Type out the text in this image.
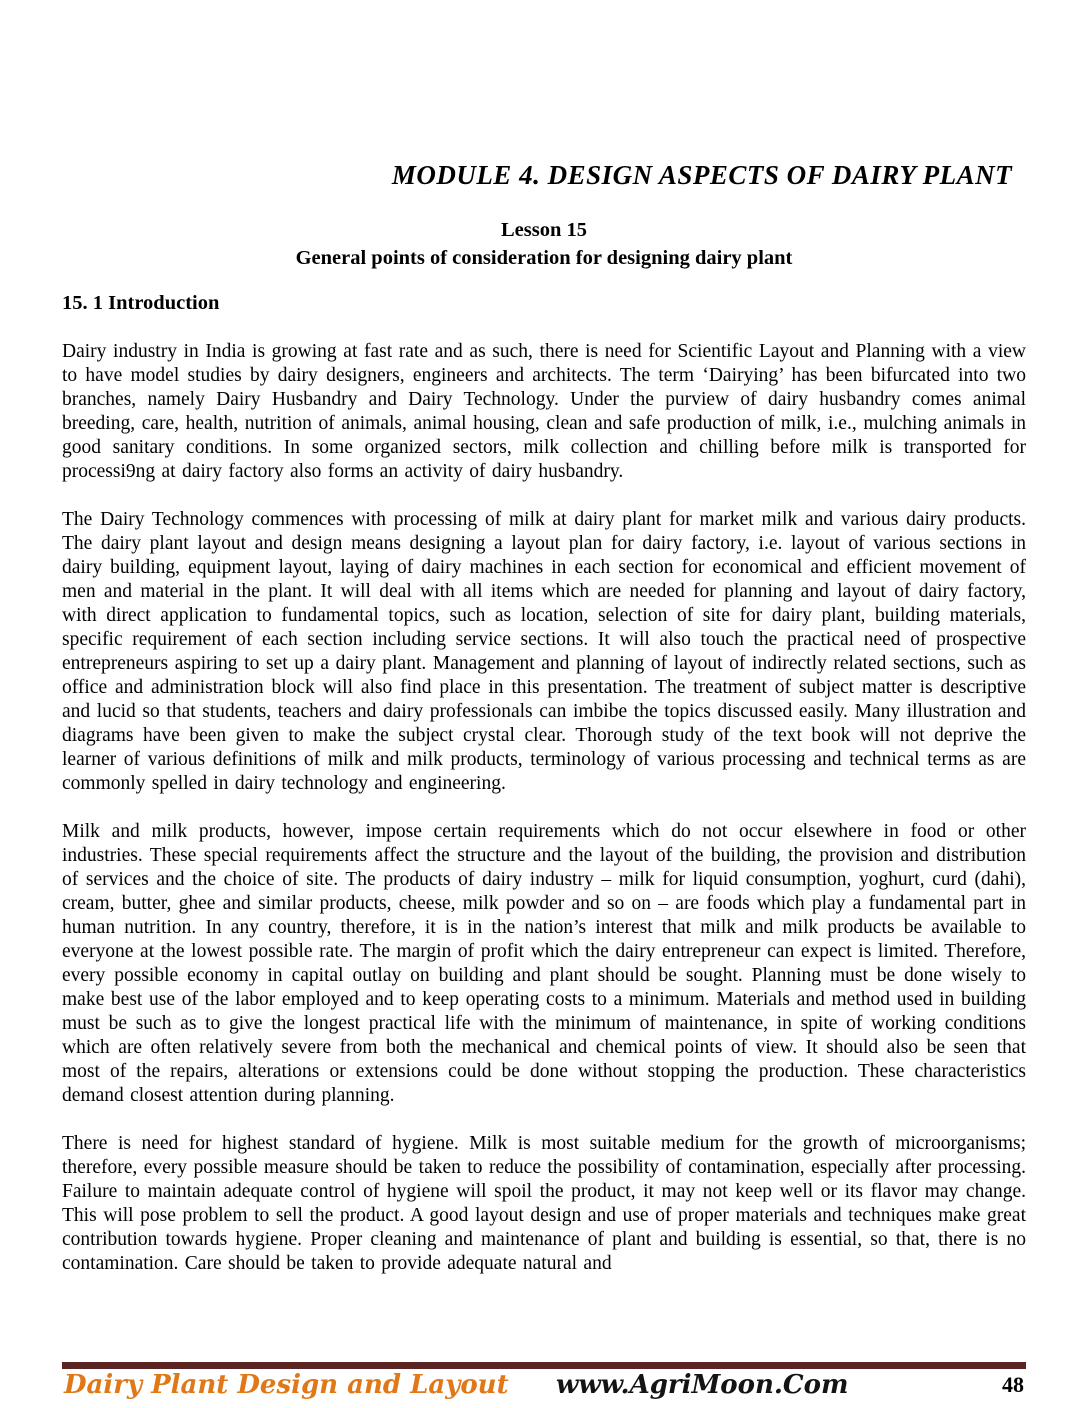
MODULE 4. DESIGN ASPECTS OF DAIRY PLANT
Lesson 15
General points of consideration for designing dairy plant
15. 1 Introduction

Dairy industry in India is growing at fast rate and as such, there is need for Scientific Layout and Planning with a view to have model studies by dairy designers, engineers and architects. The term ‘Dairying’ has been bifurcated into two branches, namely Dairy Husbandry and Dairy Technology. Under the purview of dairy husbandry comes animal breeding, care, health, nutrition of animals, animal housing, clean and safe production of milk, i.e., mulching animals in good sanitary conditions. In some organized sectors, milk collection and chilling before milk is transported for processi9ng at dairy factory also forms an activity of dairy husbandry.

The Dairy Technology commences with processing of milk at dairy plant for market milk and various dairy products. The dairy plant layout and design means designing a layout plan for dairy factory, i.e. layout of various sections in dairy building, equipment layout, laying of dairy machines in each section for economical and efficient movement of men and material in the plant. It will deal with all items which are needed for planning and layout of dairy factory, with direct application to fundamental topics, such as location, selection of site for dairy plant, building materials, specific requirement of each section including service sections. It will also touch the practical need of prospective entrepreneurs aspiring to set up a dairy plant. Management and planning of layout of indirectly related sections, such as office and administration block will also find place in this presentation. The treatment of subject matter is descriptive and lucid so that students, teachers and dairy professionals can imbibe the topics discussed easily. Many illustration and diagrams have been given to make the subject crystal clear. Thorough study of the text book will not deprive the learner of various definitions of milk and milk products, terminology of various processing and technical terms as are commonly spelled in dairy technology and engineering.

Milk and milk products, however, impose certain requirements which do not occur elsewhere in food or other industries. These special requirements affect the structure and the layout of the building, the provision and distribution of services and the choice of site. The products of dairy industry – milk for liquid consumption, yoghurt, curd (dahi), cream, butter, ghee and similar products, cheese, milk powder and so on – are foods which play a fundamental part in human nutrition. In any country, therefore, it is in the nation’s interest that milk and milk products be available to everyone at the lowest possible rate. The margin of profit which the dairy entrepreneur can expect is limited. Therefore, every possible economy in capital outlay on building and plant should be sought. Planning must be done wisely to make best use of the labor employed and to keep operating costs to a minimum. Materials and method used in building must be such as to give the longest practical life with the minimum of maintenance, in spite of working conditions which are often relatively severe from both the mechanical and chemical points of view. It should also be seen that most of the repairs, alterations or extensions could be done without stopping the production. These characteristics demand closest attention during planning.

There is need for highest standard of hygiene. Milk is most suitable medium for the growth of microorganisms; therefore, every possible measure should be taken to reduce the possibility of contamination, especially after processing. Failure to maintain adequate control of hygiene will spoil the product, it may not keep well or its flavor may change. This will pose problem to sell the product. A good layout design and use of proper materials and techniques make great contribution towards hygiene. Proper cleaning and maintenance of plant and building is essential, so that, there is no contamination. Care should be taken to provide adequate natural and

Dairy Plant Design and Layout www.AgriMoon.Com	48
